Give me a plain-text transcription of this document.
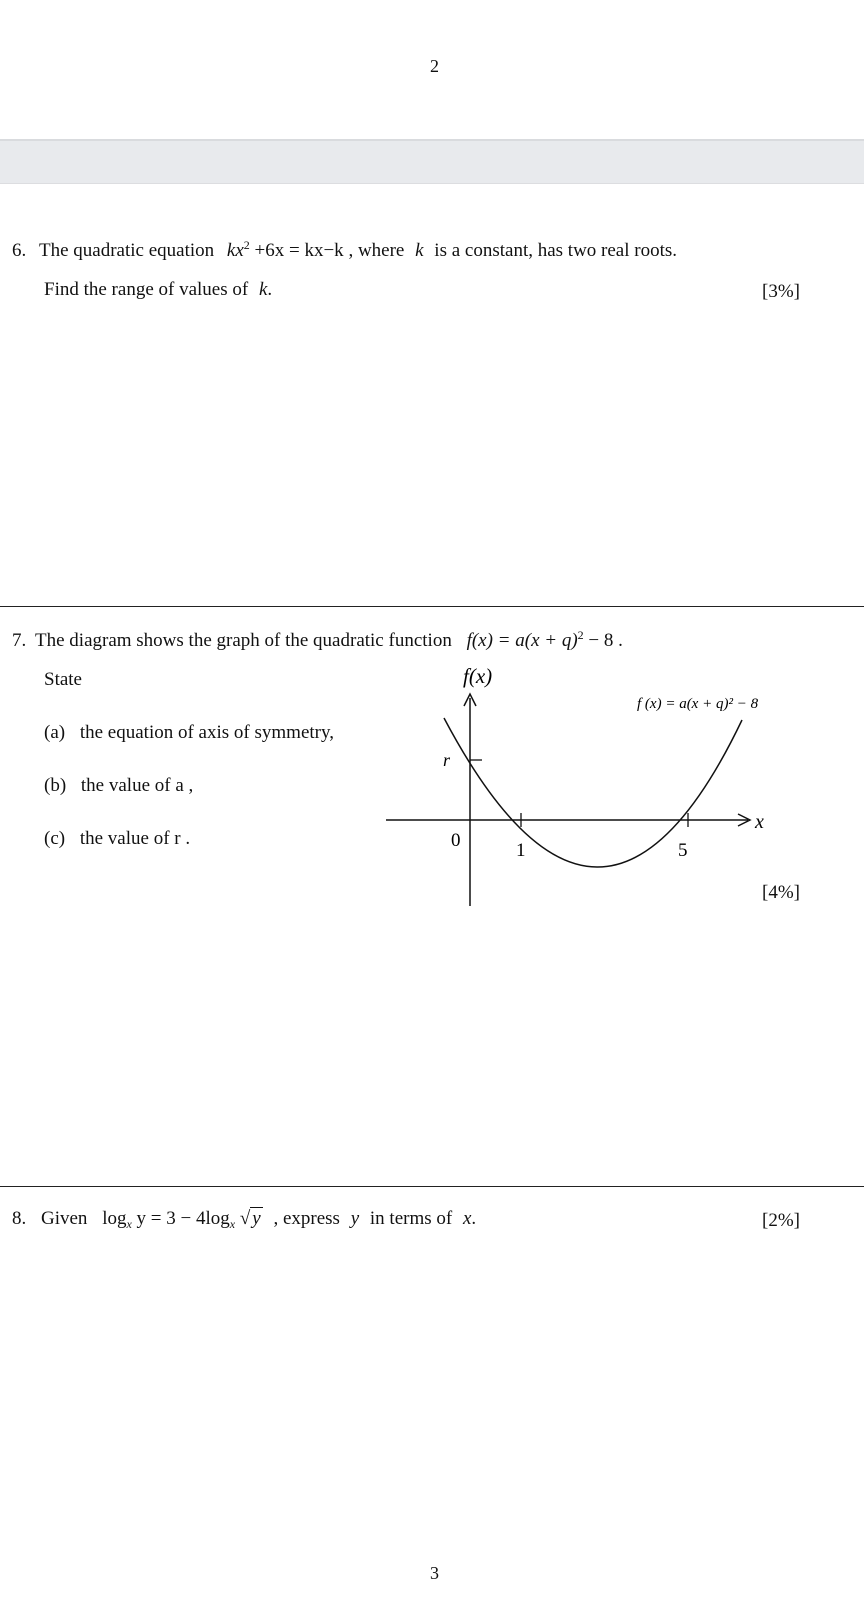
2
6. The quadratic equation $kx^2 +6x = kx-k$ , where k is a constant, has two real roots.
Find the range of values of k.	[3%]
7. The diagram shows the graph of the quadratic function $f(x) = a(x + q)^2 - 8$ .
State
(a) the equation of axis of symmetry,
(b) the value of a ,
(c) the value of r .
[4%]
f(x)
x
f (x) = a(x + q)² − 8
r
0	1	5
8. Given $\log_x y = 3 - 4\log_x$ √ y , express y in terms of x.	[2%]
3
